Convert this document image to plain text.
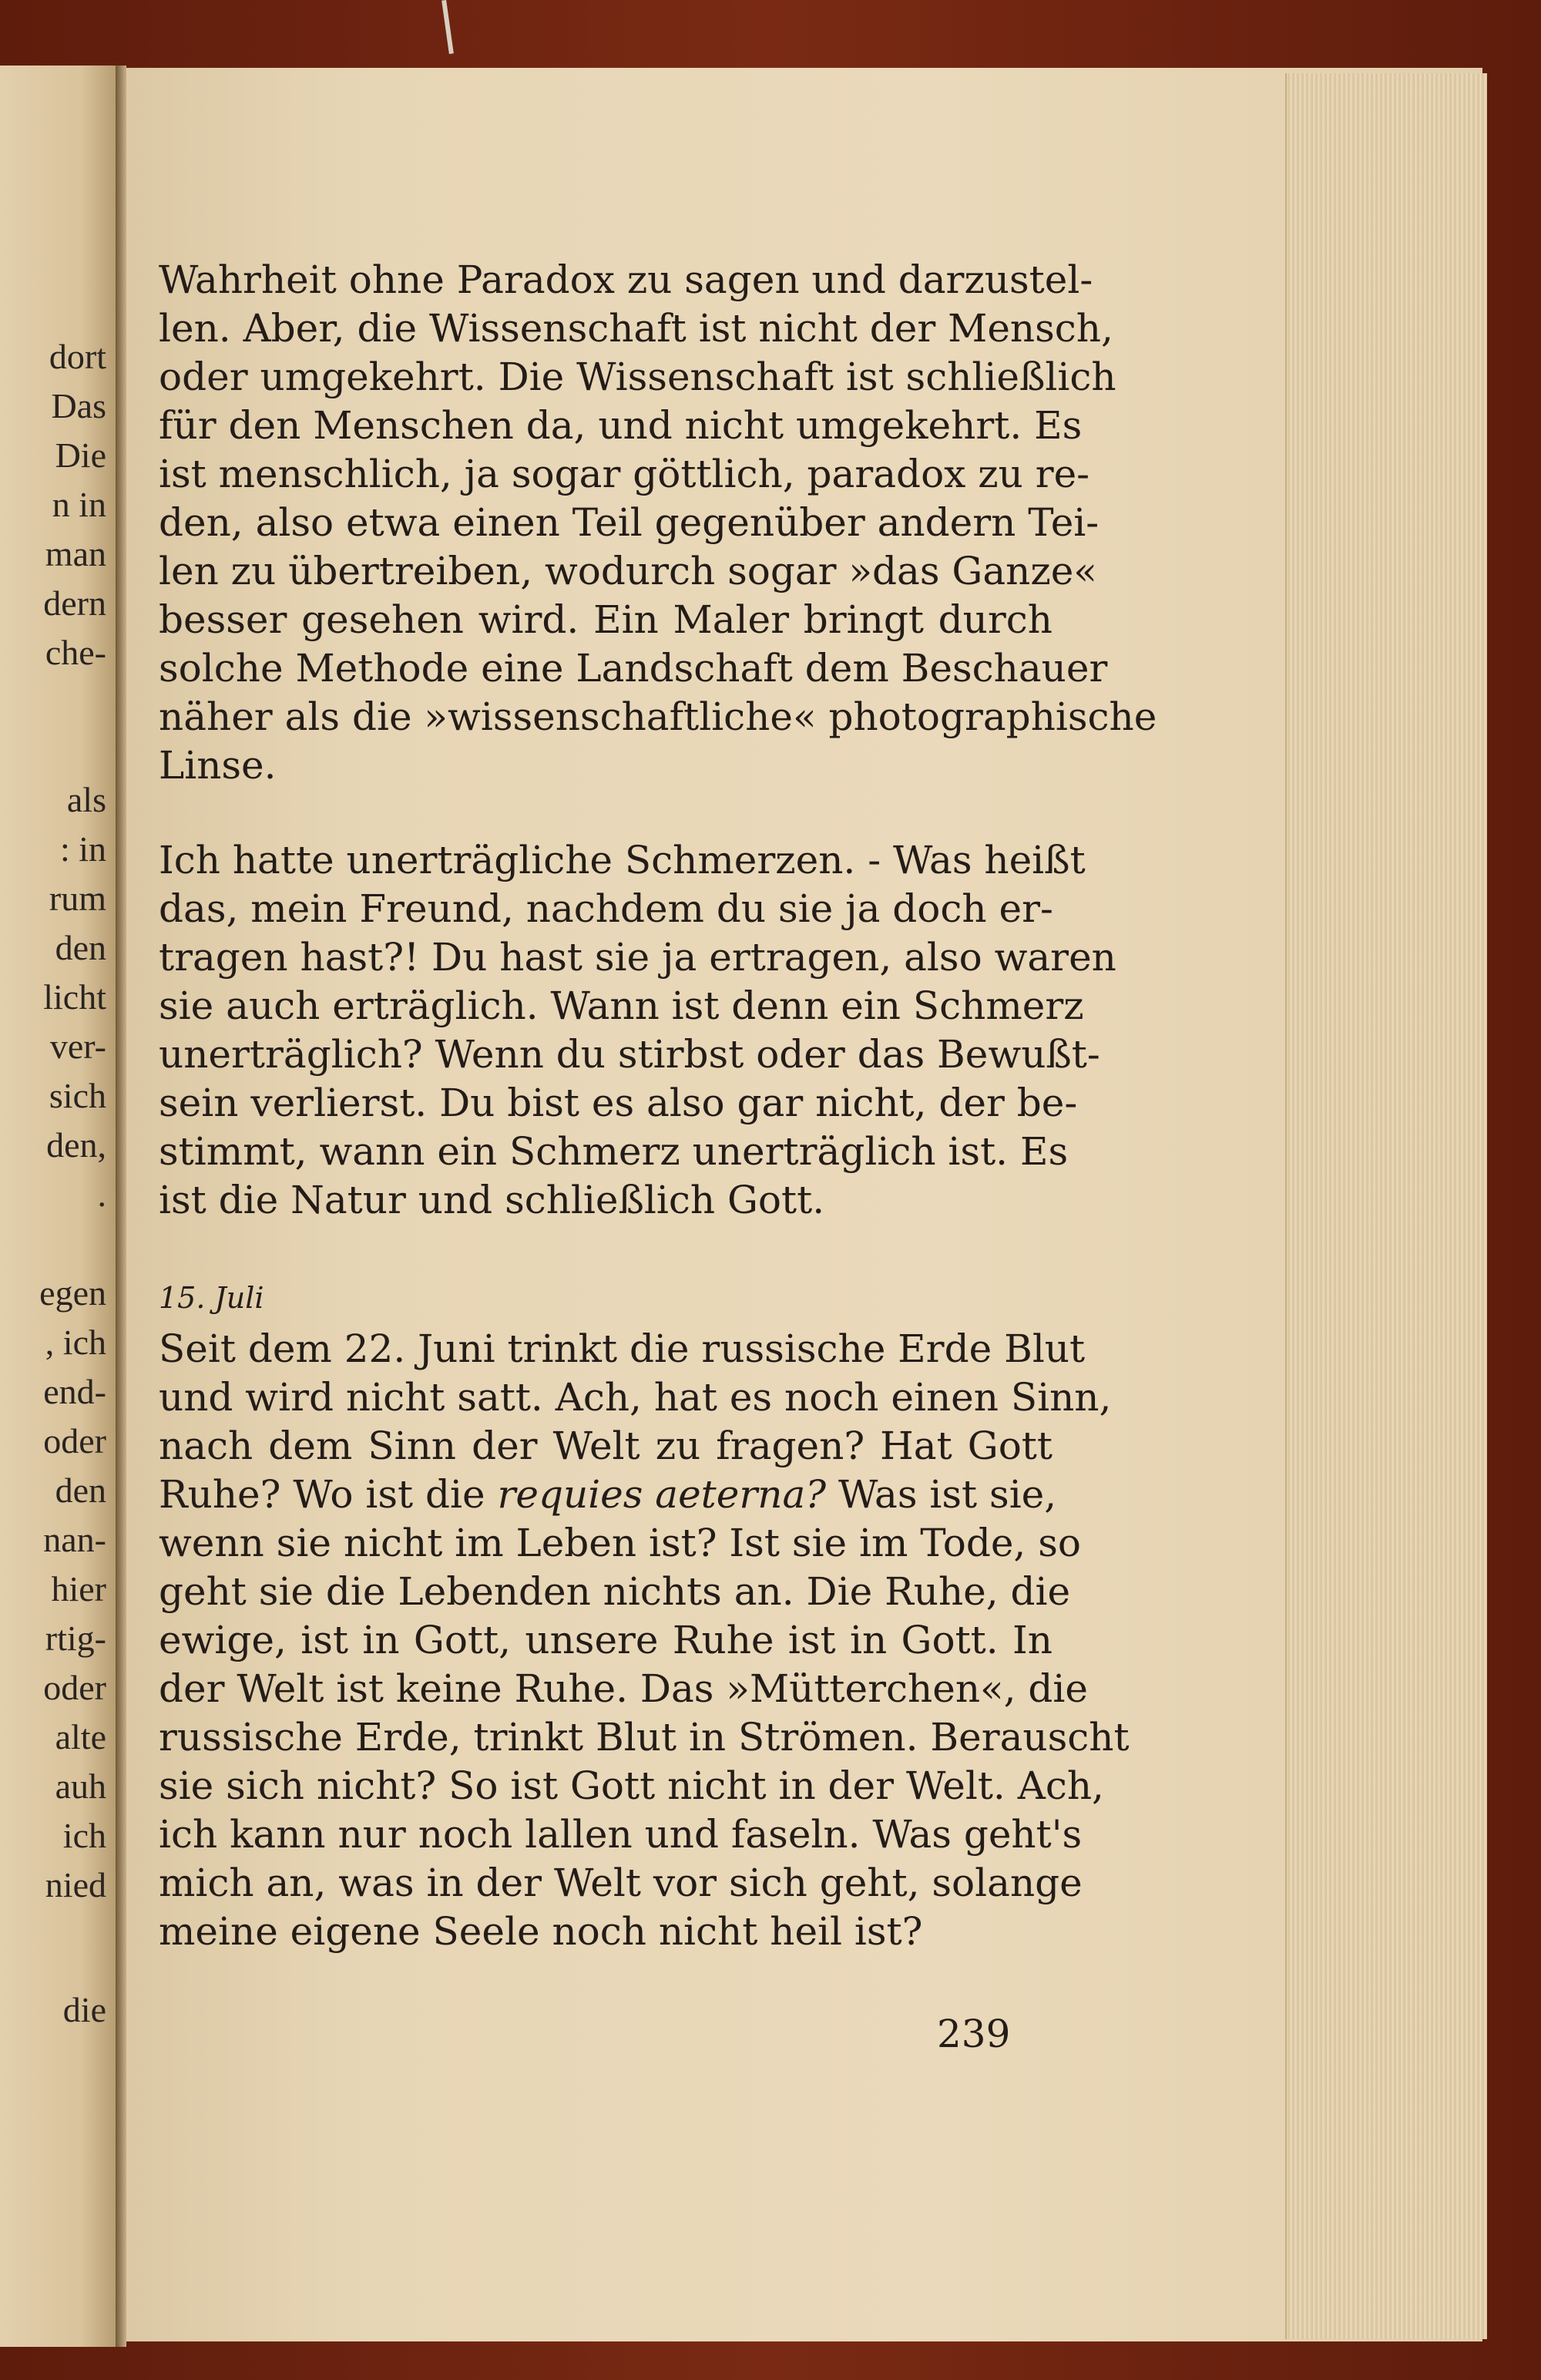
dort

Das

Die

n in

man

dern

che-

als

: in

rum

den

licht

ver-

sich

den,

.

egen

, ich

end-

oder

den

nan-

hier

rtig-

oder

alte

auh

ich

nied

die

Wahrheit ohne Paradox zu sagen und darzustel-
len. Aber, die Wissenschaft ist nicht der Mensch,
oder umgekehrt. Die Wissenschaft ist schließlich
für den Menschen da, und nicht umgekehrt. Es
ist menschlich, ja sogar göttlich, paradox zu re-
den, also etwa einen Teil gegenüber andern Tei-
len zu übertreiben, wodurch sogar »das Ganze«
besser gesehen wird. Ein Maler bringt durch
solche Methode eine Landschaft dem Beschauer
näher als die »wissenschaftliche« photographische
Linse.
Ich hatte unerträgliche Schmerzen. - Was heißt
das, mein Freund, nachdem du sie ja doch er-
tragen hast?! Du hast sie ja ertragen, also waren
sie auch erträglich. Wann ist denn ein Schmerz
unerträglich? Wenn du stirbst oder das Bewußt-
sein verlierst. Du bist es also gar nicht, der be-
stimmt, wann ein Schmerz unerträglich ist. Es
ist die Natur und schließlich Gott.
15. Juli
Seit dem 22. Juni trinkt die russische Erde Blut
und wird nicht satt. Ach, hat es noch einen Sinn,
nach dem Sinn der Welt zu fragen? Hat Gott
Ruhe? Wo ist die requies aeterna? Was ist sie,
wenn sie nicht im Leben ist? Ist sie im Tode, so
geht sie die Lebenden nichts an. Die Ruhe, die
ewige, ist in Gott, unsere Ruhe ist in Gott. In
der Welt ist keine Ruhe. Das »Mütterchen«, die
russische Erde, trinkt Blut in Strömen. Berauscht
sie sich nicht? So ist Gott nicht in der Welt. Ach,
ich kann nur noch lallen und faseln. Was geht's
mich an, was in der Welt vor sich geht, solange
meine eigene Seele noch nicht heil ist?

239
